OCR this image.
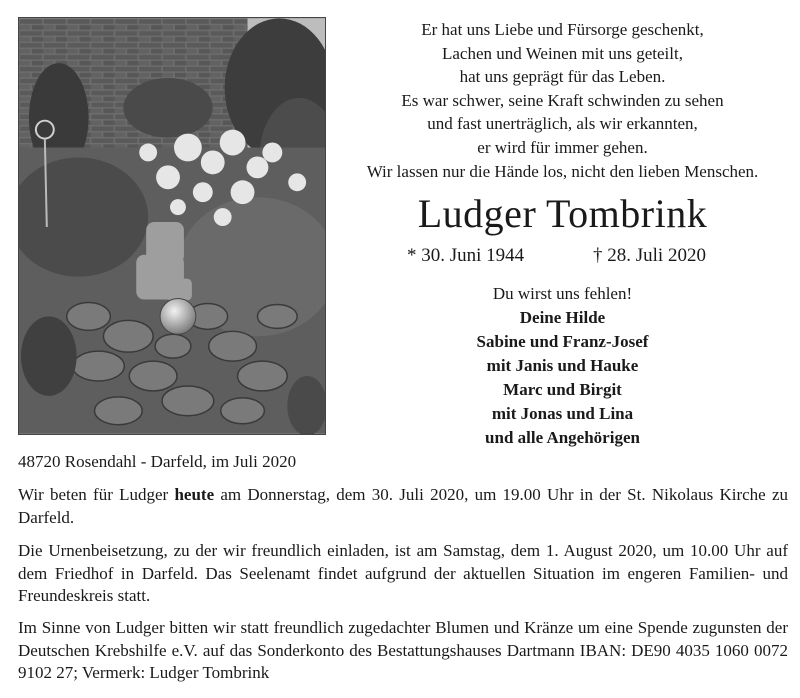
Er hat uns Liebe und Fürsorge geschenkt,
Lachen und Weinen mit uns geteilt,
hat uns geprägt für das Leben.
Es war schwer, seine Kraft schwinden zu sehen
und fast unerträglich, als wir erkannten,
er wird für immer gehen.
Wir lassen nur die Hände los, nicht den lieben Menschen.
Ludger Tombrink
* 30. Juni 1944	† 28. Juli 2020
Du wirst uns fehlen!
Deine Hilde
Sabine und Franz-Josef
mit Janis und Hauke
Marc und Birgit
mit Jonas und Lina
und alle Angehörigen
48720 Rosendahl - Darfeld, im Juli 2020
Wir beten für Ludger heute am Donnerstag, dem 30. Juli 2020, um 19.00 Uhr in der St. Nikolaus Kirche zu Darfeld.
Die Urnenbeisetzung, zu der wir freundlich einladen, ist am Samstag, dem 1. August 2020, um 10.00 Uhr auf dem Friedhof in Darfeld. Das Seelenamt findet aufgrund der aktuellen Situation im engeren Familien- und Freundeskreis statt.
Im Sinne von Ludger bitten wir statt freundlich zugedachter Blumen und Kränze um eine Spende zugunsten der Deutschen Krebshilfe e.V. auf das Sonderkonto des Bestattungshauses Dartmann IBAN: DE90 4035 1060 0072 9102 27; Vermerk: Ludger Tombrink
